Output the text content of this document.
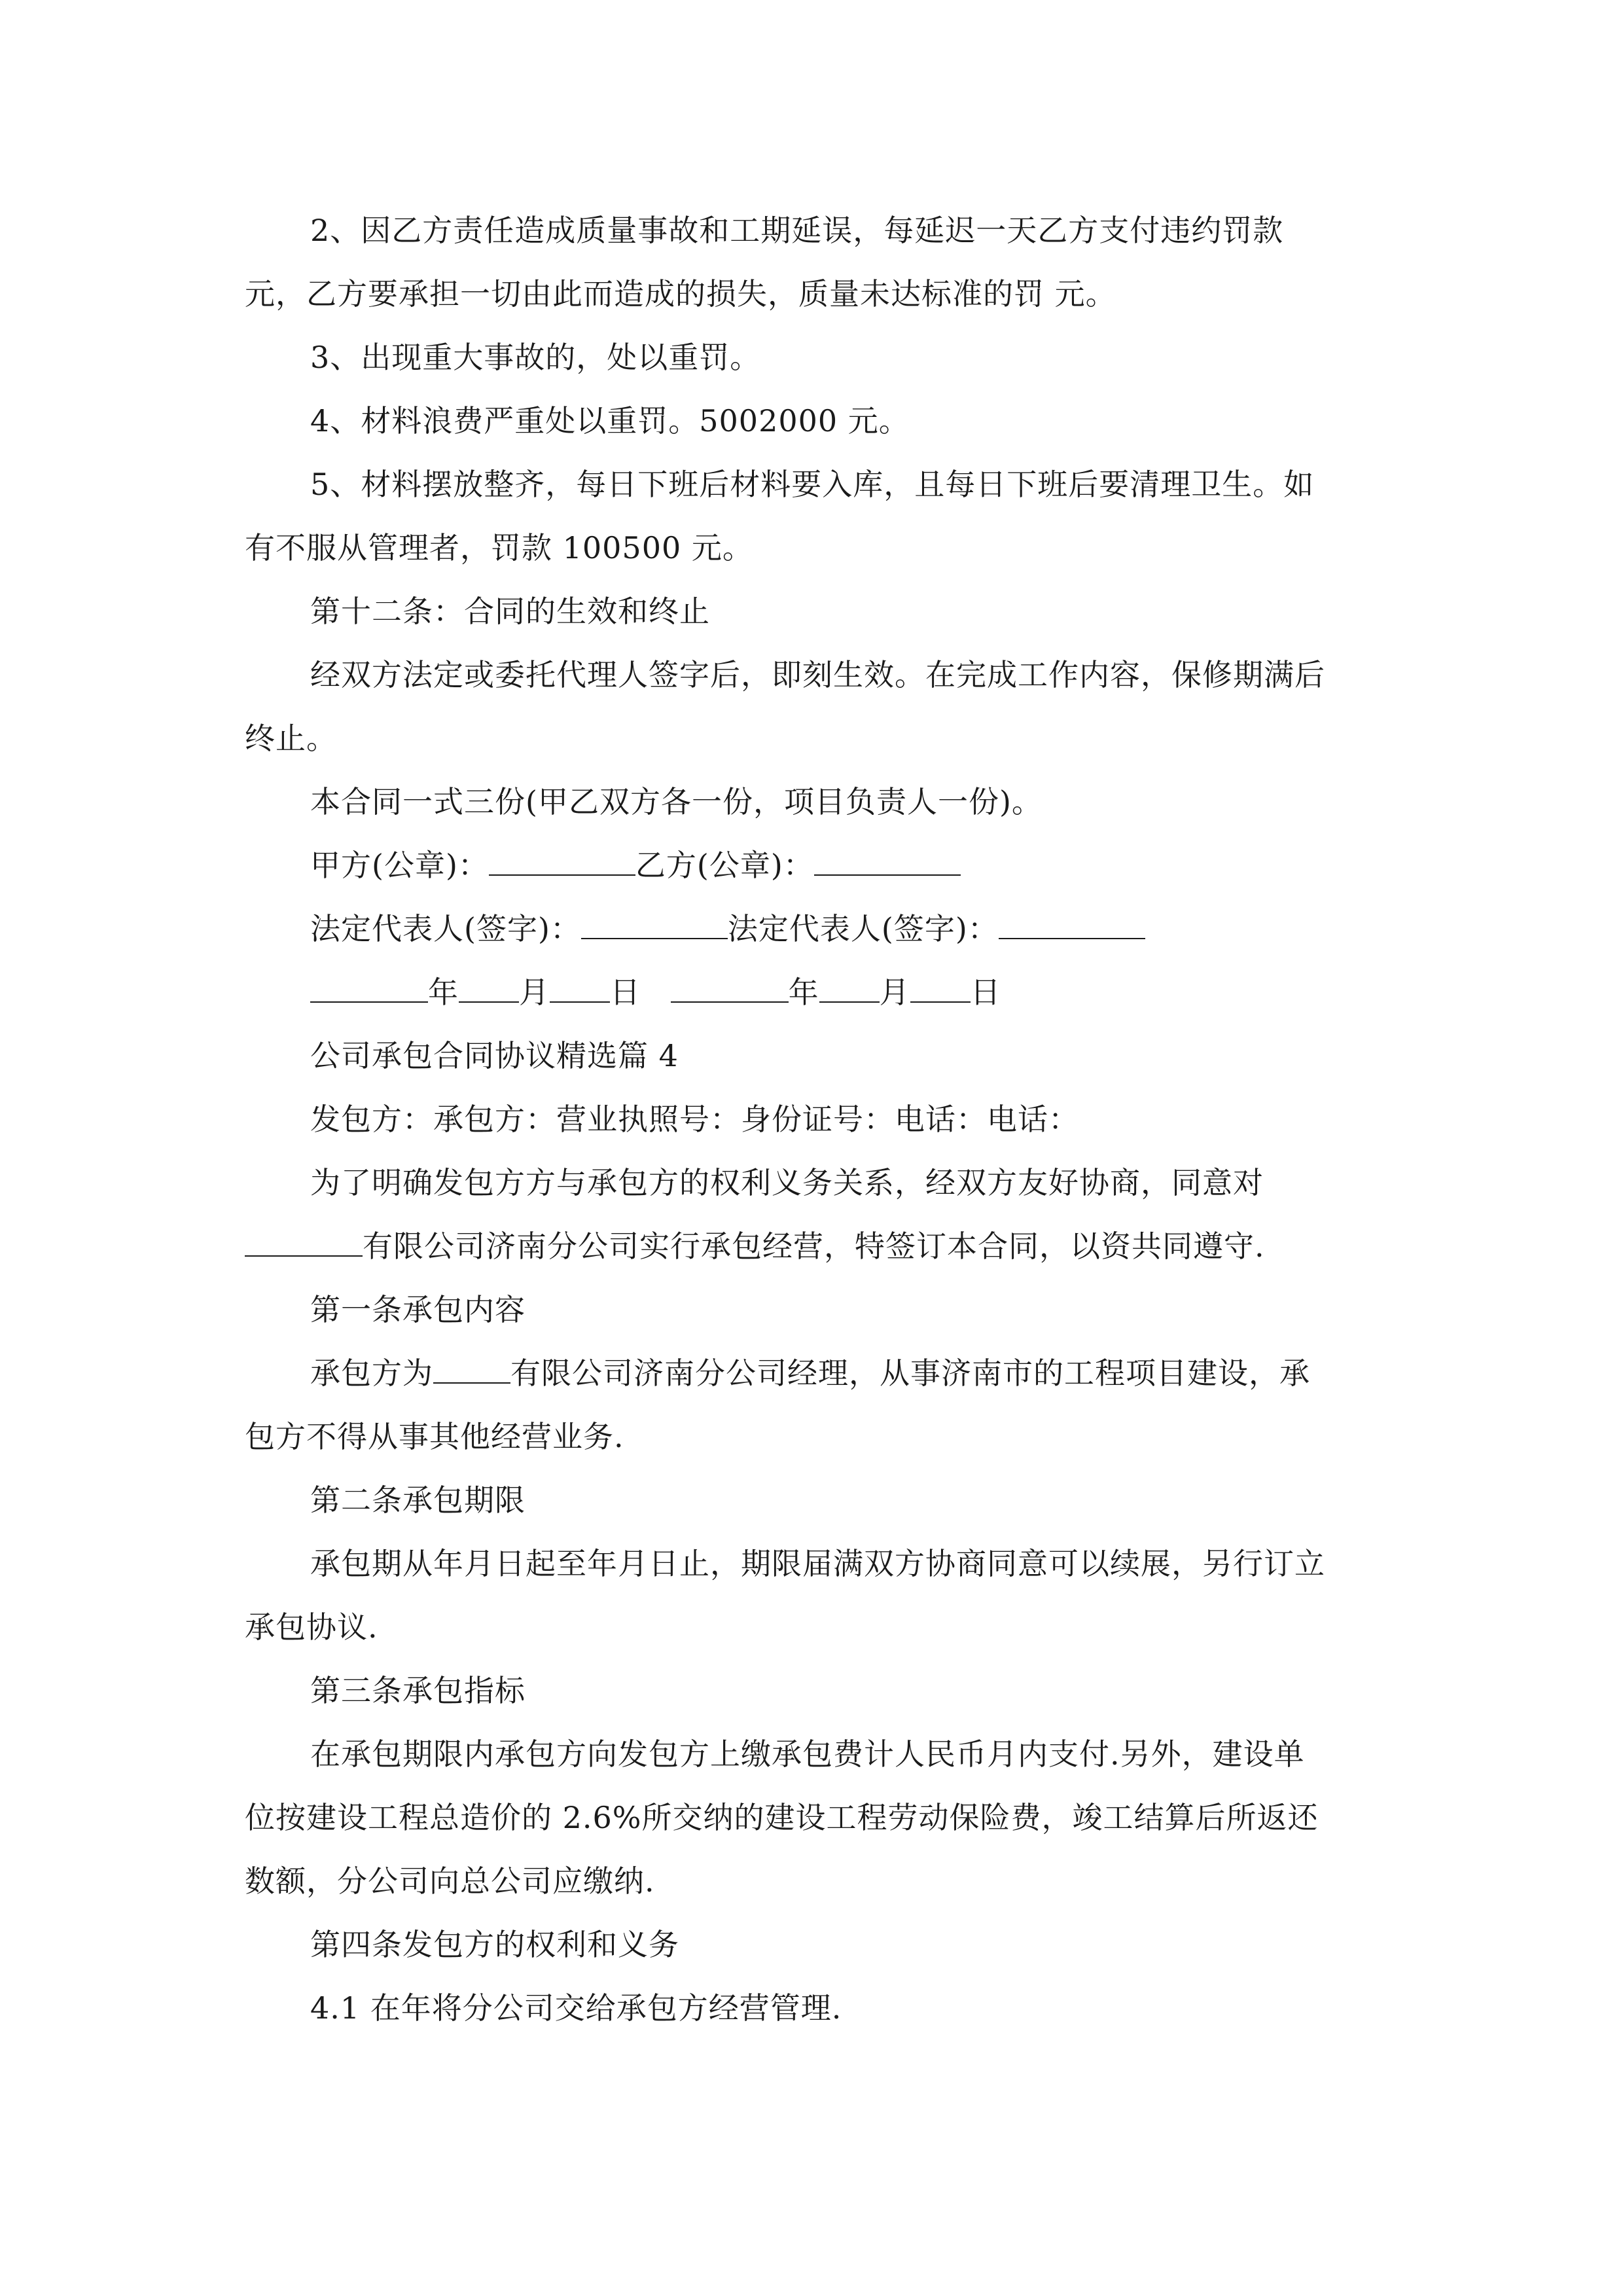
2、因乙方责任造成质量事故和工期延误，每延迟一天乙方支付违约罚款
元，乙方要承担一切由此而造成的损失，质量未达标准的罚 元。
3、出现重大事故的，处以重罚。
4、材料浪费严重处以重罚。5002000 元。
5、材料摆放整齐，每日下班后材料要入库，且每日下班后要清理卫生。如
有不服从管理者，罚款 100500 元。
第十二条：合同的生效和终止
经双方法定或委托代理人签字后，即刻生效。在完成工作内容，保修期满后
终止。
本合同一式三份(甲乙双方各一份，项目负责人一份)。
甲方(公章)：	乙方(公章)：
法定代表人(签字)：	法定代表人(签字)：
年 月 日	年 月 日
公司承包合同协议精选篇 4
发包方：承包方：营业执照号：身份证号：电话：电话：
为了明确发包方方与承包方的权利义务关系，经双方友好协商，同意对
有限公司济南分公司实行承包经营，特签订本合同，以资共同遵守.
第一条承包内容
承包方为	有限公司济南分公司经理，从事济南市的工程项目建设，承
包方不得从事其他经营业务.
第二条承包期限
承包期从年月日起至年月日止，期限届满双方协商同意可以续展，另行订立
承包协议.
第三条承包指标
在承包期限内承包方向发包方上缴承包费计人民币月内支付.另外，建设单
位按建设工程总造价的 2.6%所交纳的建设工程劳动保险费，竣工结算后所返还
数额，分公司向总公司应缴纳.
第四条发包方的权利和义务
4.1 在年将分公司交给承包方经营管理.
